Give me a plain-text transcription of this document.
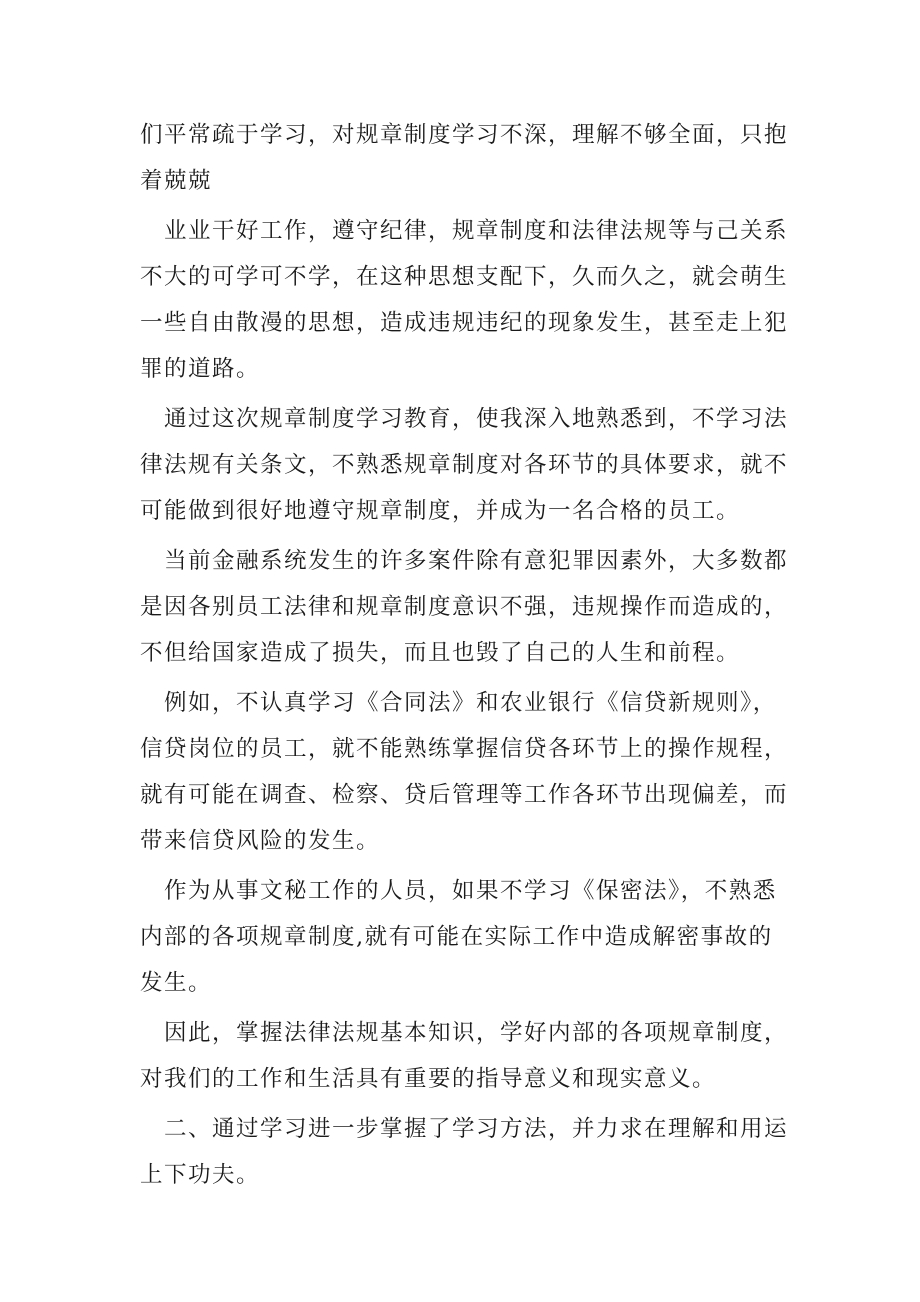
们平常疏于学习，对规章制度学习不深，理解不够全面，只抱着兢兢

业业干好工作，遵守纪律，规章制度和法律法规等与己关系不大的可学可不学，在这种思想支配下，久而久之，就会萌生一些自由散漫的思想，造成违规违纪的现象发生，甚至走上犯罪的道路。

通过这次规章制度学习教育，使我深入地熟悉到，不学习法律法规有关条文，不熟悉规章制度对各环节的具体要求，就不可能做到很好地遵守规章制度，并成为一名合格的员工。

当前金融系统发生的许多案件除有意犯罪因素外，大多数都是因各别员工法律和规章制度意识不强，违规操作而造成的，不但给国家造成了损失，而且也毁了自己的人生和前程。

例如，不认真学习《合同法》和农业银行《信贷新规则》，信贷岗位的员工，就不能熟练掌握信贷各环节上的操作规程，就有可能在调查、检察、贷后管理等工作各环节出现偏差，而带来信贷风险的发生。

作为从事文秘工作的人员，如果不学习《保密法》，不熟悉内部的各项规章制度,就有可能在实际工作中造成解密事故的发生。

因此，掌握法律法规基本知识，学好内部的各项规章制度，对我们的工作和生活具有重要的指导意义和现实意义。

二、通过学习进一步掌握了学习方法，并力求在理解和用运上下功夫。
